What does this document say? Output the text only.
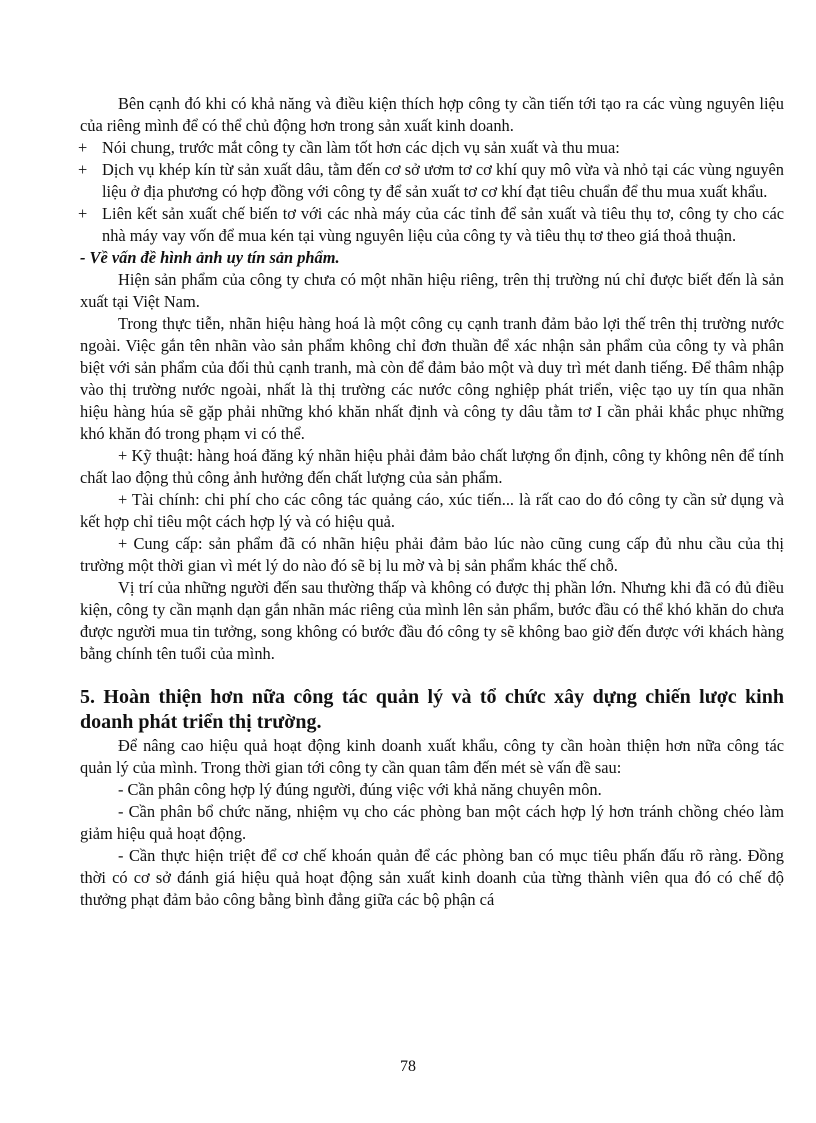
Bên cạnh đó khi có khả năng và điều kiện thích hợp công ty cần tiến tới tạo ra các vùng nguyên liệu của riêng mình để có thể chủ động hơn trong sản xuất kinh doanh.

+ Nói chung, trước mắt công ty cần làm tốt hơn các dịch vụ sản xuất và thu mua:
+ Dịch vụ khép kín từ sản xuất dâu, tằm đến cơ sở ươm tơ cơ khí quy mô vừa và nhỏ tại các vùng nguyên liệu ở địa phương có hợp đồng với công ty để sản xuất tơ cơ khí đạt tiêu chuẩn để thu mua xuất khẩu.
+ Liên kết sản xuất chế biến tơ với các nhà máy của các tỉnh để sản xuất và tiêu thụ tơ, công ty cho các nhà máy vay vốn để mua kén tại vùng nguyên liệu của công ty và tiêu thụ tơ theo giá thoả thuận.

- Về vấn đề hình ảnh uy tín sản phẩm.

Hiện sản phẩm của công ty chưa có một nhãn hiệu riêng, trên thị trường nú chỉ được biết đến là sản xuất tại Việt Nam.

Trong thực tiễn, nhãn hiệu hàng hoá là một công cụ cạnh tranh đảm bảo lợi thế trên thị trường nước ngoài. Việc gắn tên nhãn vào sản phẩm không chỉ đơn thuần để xác nhận sản phẩm của công ty và phân biệt với sản phẩm của đối thủ cạnh tranh, mà còn để đảm bảo một và duy trì mét danh tiếng. Để thâm nhập vào thị trường nước ngoài, nhất là thị trường các nước công nghiệp phát triển, việc tạo uy tín qua nhãn hiệu hàng húa sẽ gặp phải những khó khăn nhất định và công ty dâu tằm tơ I cần phải khắc phục những khó khăn đó trong phạm vi có thể.

+ Kỹ thuật: hàng hoá đăng ký nhãn hiệu phải đảm bảo chất lượng ổn định, công ty không nên để tính chất lao động thủ công ảnh hưởng đến chất lượng của sản phẩm.

+ Tài chính: chi phí cho các công tác quảng cáo, xúc tiến... là rất cao do đó công ty cần sử dụng và kết hợp chỉ tiêu một cách hợp lý và có hiệu quả.

+ Cung cấp: sản phẩm đã có nhãn hiệu phải đảm bảo lúc nào cũng cung cấp đủ nhu cầu của thị trường một thời gian vì mét lý do nào đó sẽ bị lu mờ và bị sản phẩm khác thế chỗ.

Vị trí của những người đến sau thường thấp và không có được thị phần lớn. Nhưng khi đã có đủ điều kiện, công ty cần mạnh dạn gắn nhãn mác riêng của mình lên sản phẩm, bước đầu có thể khó khăn do chưa được người mua tin tưởng, song không có bước đầu đó công ty sẽ không bao giờ đến được với khách hàng bằng chính tên tuổi của mình.

5. Hoàn thiện hơn nữa công tác quản lý và tổ chức xây dựng chiến lược kinh doanh phát triển thị trường.

Để nâng cao hiệu quả hoạt động kinh doanh xuất khẩu, công ty cần hoàn thiện hơn nữa công tác quản lý của mình. Trong thời gian tới công ty cần quan tâm đến mét sè vấn đề sau:

- Cần phân công hợp lý đúng người, đúng việc với khả năng chuyên môn.

- Cần phân bổ chức năng, nhiệm vụ cho các phòng ban một cách hợp lý hơn tránh chồng chéo làm giảm hiệu quả hoạt động.

- Cần thực hiện triệt để cơ chế khoán quản để các phòng ban có mục tiêu phấn đấu rõ ràng. Đồng thời có cơ sở đánh giá hiệu quả hoạt động sản xuất kinh doanh của từng thành viên qua đó có chế độ thưởng phạt đảm bảo công bằng bình đẳng giữa các bộ phận cá

78
